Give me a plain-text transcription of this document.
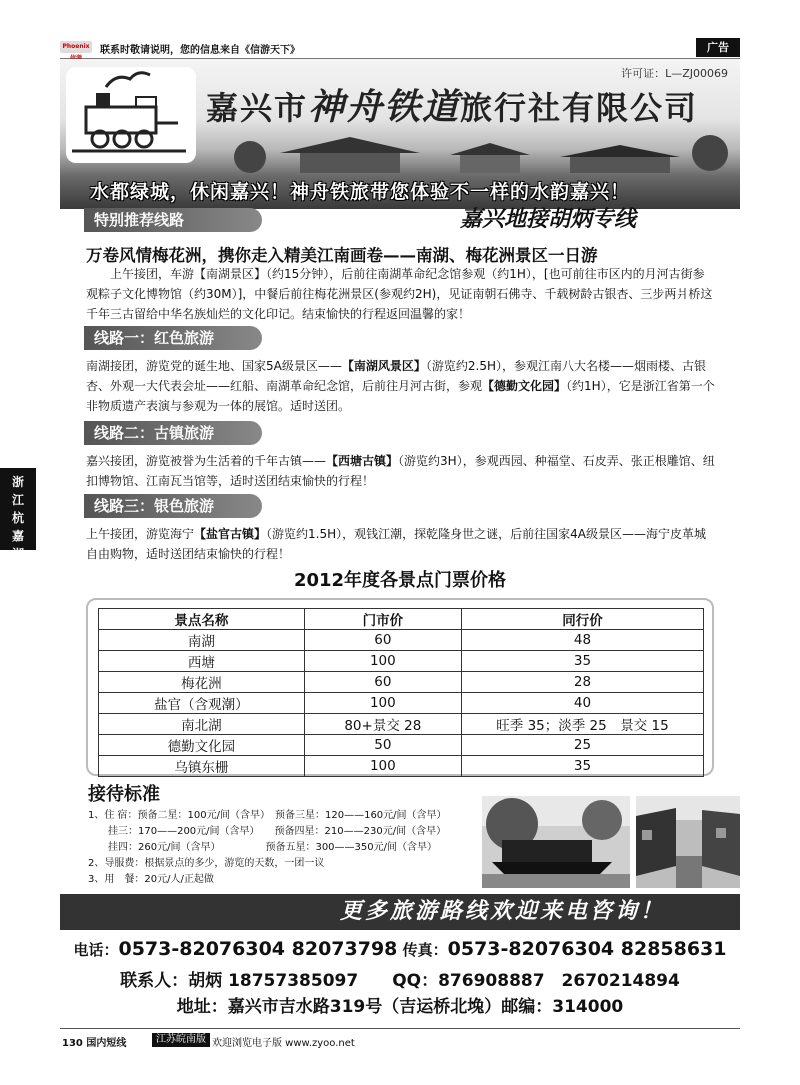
Phoenix 联系时敬请说明，您的信息来自《信游天下》	广告
许可证：L—ZJ00069
嘉兴市神舟铁道旅行社有限公司
水都绿城，休闲嘉兴！神舟铁旅带您体验不一样的水韵嘉兴！
特别推荐线路	嘉兴地接胡炳专线
万卷风情梅花洲，携你走入精美江南画卷——南湖、梅花洲景区一日游
　　上午接团，车游【南湖景区】（约15分钟），后前往南湖革命纪念馆参观（约1H），[也可前往市区内的月河古街参观粽子文化博物馆（约30M）]，中餐后前往梅花洲景区(参观约2H)，见证南朝石佛寺、千载树龄古银杏、三步两爿桥这千年三古留给中华名族灿烂的文化印记。结束愉快的行程返回温馨的家！
线路一：红色旅游
南湖接团，游览党的诞生地、国家5A级景区——【南湖风景区】（游览约2.5H），参观江南八大名楼——烟雨楼、古银杏、外观一大代表会址——红船、南湖革命纪念馆，后前往月河古街，参观【德勤文化园】（约1H），它是浙江省第一个非物质遗产表演与参观为一体的展馆。适时送团。
线路二：古镇旅游
嘉兴接团，游览被誉为生活着的千年古镇——【西塘古镇】（游览约3H），参观西园、种福堂、石皮弄、张正根雕馆、纽扣博物馆、江南瓦当馆等，适时送团结束愉快的行程！
线路三：银色旅游
上午接团，游览海宁【盐官古镇】（游览约1.5H），观钱江潮，探乾隆身世之谜，后前往国家4A级景区——海宁皮革城自由购物，适时送团结束愉快的行程！
浙江杭嘉湖
2012年度各景点门票价格
景点名称	门市价	同行价
南湖	60	48
西塘	100	35
梅花洲	60	28
盐官（含观潮）	100	40
南北湖	80+景交 28	旺季 35；淡季 25　景交 15
德勤文化园	50	25
乌镇东栅	100	35
接待标准
1、住 宿：预备二星：100元/间（含早）　预备三星：120——160元/间（含早）
　　挂三：170——200元/间（含早）　　预备四星：210——230元/间（含早）
　　挂四：260元/间（含早）　　　　　预备五星：300——350元/间（含早）
2、导服费：根据景点的多少，游览的天数，一团一议
3、用　餐：20元/人/正起做
更多旅游路线欢迎来电咨询！
电话：0573-82076304 82073798 传真：0573-82076304 82858631
联系人：胡炳 18757385097　　QQ：876908887　2670214894
地址：嘉兴市吉水路319号（吉运桥北堍）邮编：314000
130 国内短线	江苏皖南版 欢迎浏览电子版 www.zyoo.net
